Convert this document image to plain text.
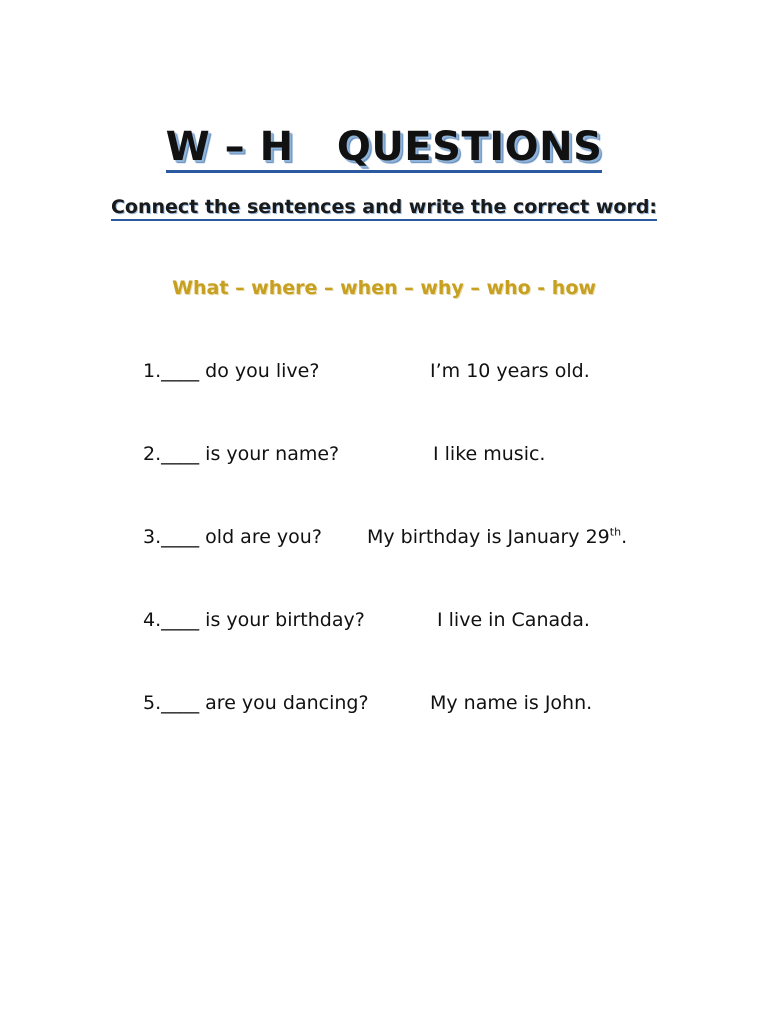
W – H   QUESTIONS
Connect the sentences and write the correct word:
What – where – when – why – who - how
1.____ do you live?	I’m 10 years old.
2.____ is your name?	I like music.
3.____ old are you? My birthday is January 29th.
4.____ is your birthday?	I live in Canada.
5.____ are you dancing?	My name is John.
